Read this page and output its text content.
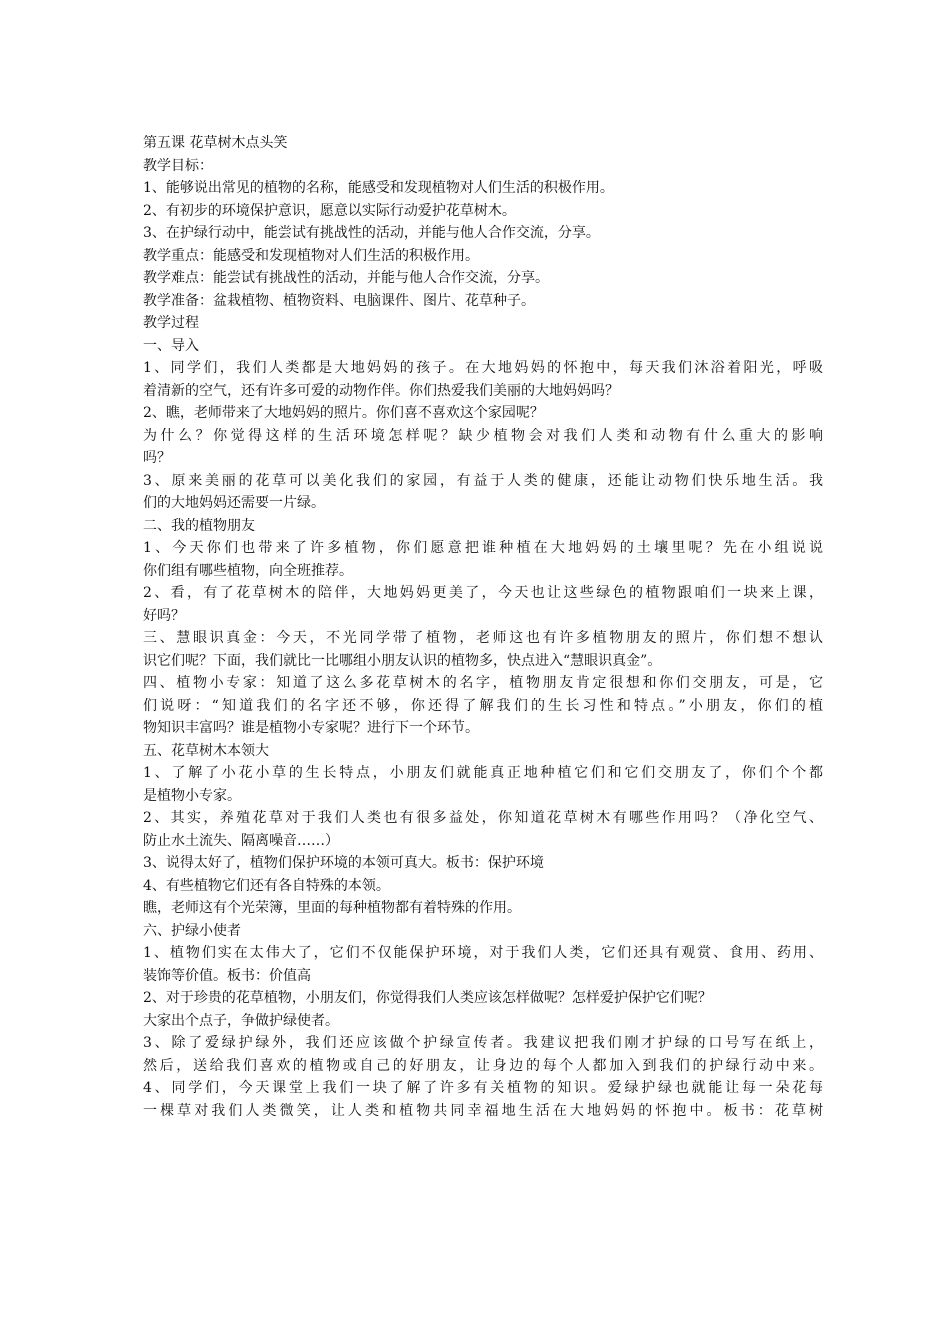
第五课 花草树木点头笑
教学目标：
1、能够说出常见的植物的名称，能感受和发现植物对人们生活的积极作用。
2、有初步的环境保护意识，愿意以实际行动爱护花草树木。
3、在护绿行动中，能尝试有挑战性的活动，并能与他人合作交流，分享。
教学重点：能感受和发现植物对人们生活的积极作用。
教学难点：能尝试有挑战性的活动，并能与他人合作交流，分享。
教学准备：盆栽植物、植物资料、电脑课件、图片、花草种子。
教学过程
一、导入
1、同学们，我们人类都是大地妈妈的孩子。在大地妈妈的怀抱中，每天我们沐浴着阳光，呼吸
着清新的空气，还有许多可爱的动物作伴。你们热爱我们美丽的大地妈妈吗？
2、瞧，老师带来了大地妈妈的照片。你们喜不喜欢这个家园呢？
为什么？你觉得这样的生活环境怎样呢？缺少植物会对我们人类和动物有什么重大的影响
吗？
3、原来美丽的花草可以美化我们的家园，有益于人类的健康，还能让动物们快乐地生活。我
们的大地妈妈还需要一片绿。
二、我的植物朋友
1、今天你们也带来了许多植物，你们愿意把谁种植在大地妈妈的土壤里呢？先在小组说说
你们组有哪些植物，向全班推荐。
2、看，有了花草树木的陪伴，大地妈妈更美了，今天也让这些绿色的植物跟咱们一块来上课，
好吗？
三、慧眼识真金：今天，不光同学带了植物，老师这也有许多植物朋友的照片，你们想不想认
识它们呢？下面，我们就比一比哪组小朋友认识的植物多，快点进入“慧眼识真金”。
四、植物小专家：知道了这么多花草树木的名字，植物朋友肯定很想和你们交朋友，可是，它
们说呀：“知道我们的名字还不够，你还得了解我们的生长习性和特点。”小朋友，你们的植
物知识丰富吗？谁是植物小专家呢？进行下一个环节。
五、花草树木本领大
1、了解了小花小草的生长特点，小朋友们就能真正地种植它们和它们交朋友了，你们个个都
是植物小专家。
2、其实，养殖花草对于我们人类也有很多益处，你知道花草树木有哪些作用吗？（净化空气、
防止水土流失、隔离噪音……）
3、说得太好了，植物们保护环境的本领可真大。板书：保护环境
4、有些植物它们还有各自特殊的本领。
瞧，老师这有个光荣簿，里面的每种植物都有着特殊的作用。
六、护绿小使者
1、植物们实在太伟大了，它们不仅能保护环境，对于我们人类，它们还具有观赏、食用、药用、
装饰等价值。板书：价值高
2、对于珍贵的花草植物，小朋友们，你觉得我们人类应该怎样做呢？怎样爱护保护它们呢？
大家出个点子，争做护绿使者。
3、除了爱绿护绿外，我们还应该做个护绿宣传者。我建议把我们刚才护绿的口号写在纸上，
然后，送给我们喜欢的植物或自己的好朋友，让身边的每个人都加入到我们的护绿行动中来。
4、同学们，今天课堂上我们一块了解了许多有关植物的知识。爱绿护绿也就能让每一朵花每
一棵草对我们人类微笑，让人类和植物共同幸福地生活在大地妈妈的怀抱中。板书：花草树
